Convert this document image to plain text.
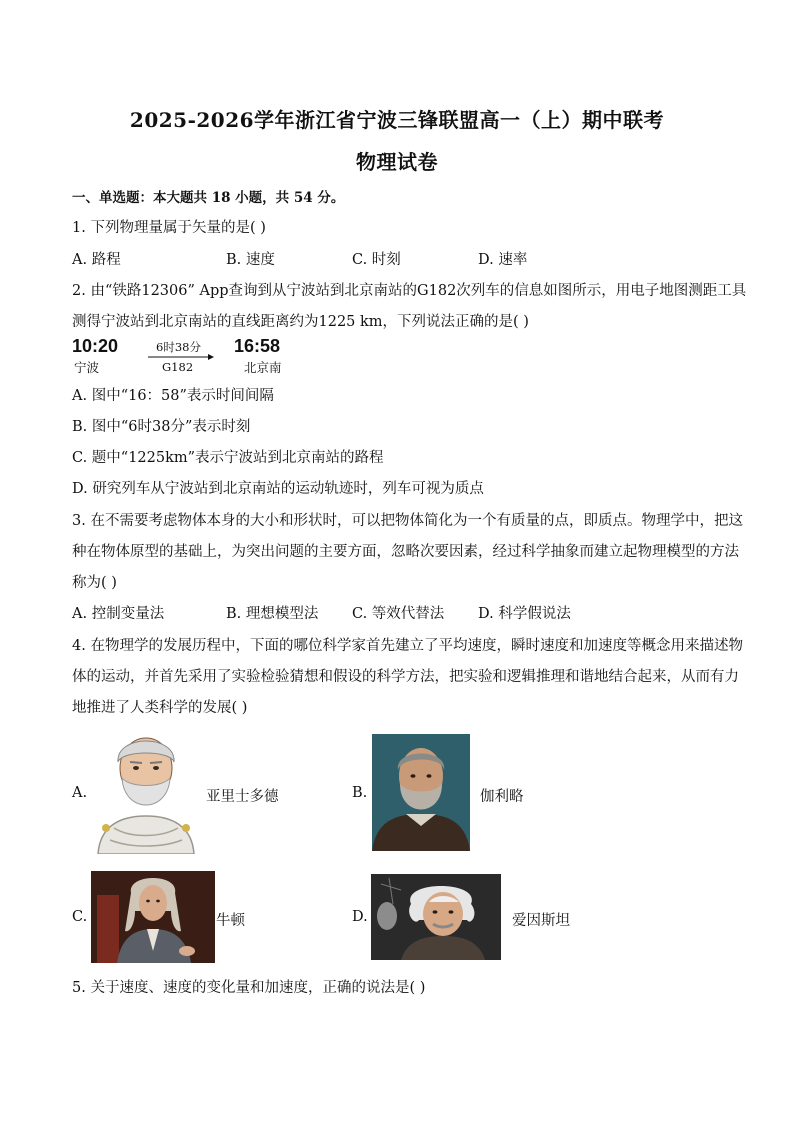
2025-2026学年浙江省宁波三锋联盟高一（上）期中联考
物理试卷
一、单选题：本大题共 18 小题，共 54 分。
1. 下列物理量属于矢量的是( )
A. 路程	B. 速度	C. 时刻	D. 速率
2. 由“铁路12306” App查询到从宁波站到北京南站的G182次列车的信息如图所示，用电子地图测距工具
测得宁波站到北京南站的直线距离约为1225 km，下列说法正确的是( )
10:20
宁波
6时38分
G182
16:58
北京南
A. 图中“16：58”表示时间间隔
B. 图中“6时38分”表示时刻
C. 题中“1225km”表示宁波站到北京南站的路程
D. 研究列车从宁波站到北京南站的运动轨迹时，列车可视为质点
3. 在不需要考虑物体本身的大小和形状时，可以把物体简化为一个有质量的点，即质点。物理学中，把这
种在物体原型的基础上，为突出问题的主要方面，忽略次要因素，经过科学抽象而建立起物理模型的方法
称为( )
A. 控制变量法	B. 理想模型法 C. 等效代替法 D. 科学假说法
4. 在物理学的发展历程中，下面的哪位科学家首先建立了平均速度，瞬时速度和加速度等概念用来描述物
体的运动，并首先采用了实验检验猜想和假设的科学方法，把实验和逻辑推理和谐地结合起来，从而有力
地推进了人类科学的发展( )
A.	亚里士多德	B.	伽利略
C.	牛顿	D.	爱因斯坦
5. 关于速度、速度的变化量和加速度，正确的说法是( )
